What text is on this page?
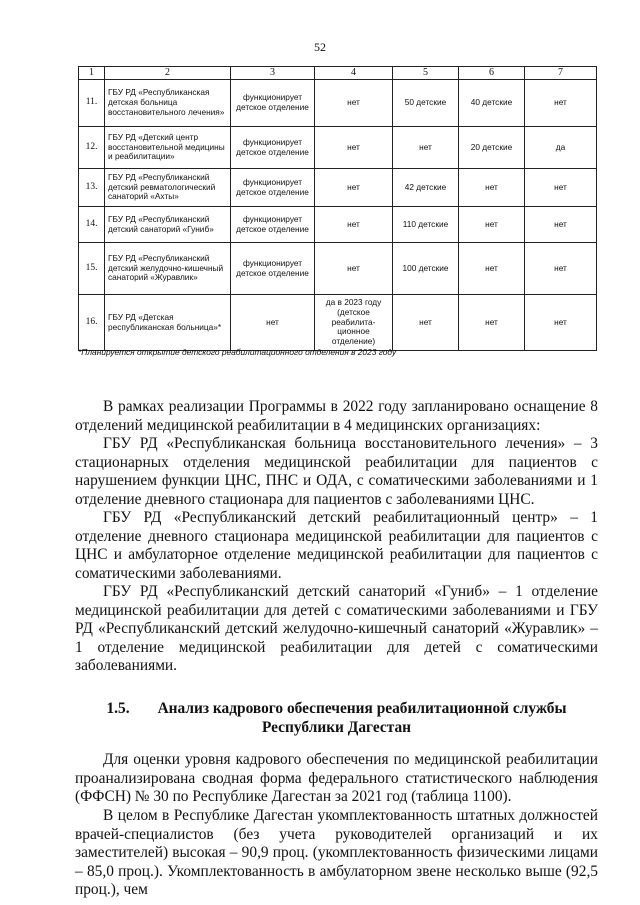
52
1	2	3	4	5	6	7
11.	ГБУ РД «Республиканская детская больница восстановительного лечения»	функционирует детское отделение	нет	50 детские	40 детские	нет
12.	ГБУ РД «Детский центр восстановительной медицины и реабилитации»	функционирует детское отделение	нет	нет	20 детские	да
13.	ГБУ РД «Республиканский детский ревматологический санаторий «Ахты»	функционирует детское отделение	нет	42 детские	нет	нет
14.	ГБУ РД «Республиканский детский санаторий «Гуниб»	функционирует детское отделение	нет	110 детские	нет	нет
15.	ГБУ РД «Республиканский детский желудочно-кишечный санаторий «Журавлик»	функционирует детское отделение	нет	100 детские	нет	нет
16.	ГБУ РД «Детская республиканская больница»*	нет	да в 2023 году (детское реабилита-ционное отделение)	нет	нет	нет
*Планируется открытие детского реабилитационного отделения в 2023 году

В рамках реализации Программы в 2022 году запланировано оснащение 8 отделений медицинской реабилитации в 4 медицинских организациях:

ГБУ РД «Республиканская больница восстановительного лечения» – 3 стационарных отделения медицинской реабилитации для пациентов с нарушением функции ЦНС, ПНС и ОДА, с соматическими заболеваниями и 1 отделение дневного стационара для пациентов с заболеваниями ЦНС.

ГБУ РД «Республиканский детский реабилитационный центр» – 1 отделение дневного стационара медицинской реабилитации для пациентов с ЦНС и амбулаторное отделение медицинской реабилитации для пациентов с соматическими заболеваниями.

ГБУ РД «Республиканский детский санаторий «Гуниб» – 1 отделение медицинской реабилитации для детей с соматическими заболеваниями и ГБУ РД «Республиканский детский желудочно-кишечный санаторий «Журавлик» – 1 отделение медицинской реабилитации для детей с соматическими заболеваниями.

1.5. Анализ кадрового обеспечения реабилитационной службы Республики Дагестан

Для оценки уровня кадрового обеспечения по медицинской реабилитации проанализирована сводная форма федерального статистического наблюдения (ФФСН) № 30 по Республике Дагестан за 2021 год (таблица 1100).

В целом в Республике Дагестан укомплектованность штатных должностей врачей-специалистов (без учета руководителей организаций и их заместителей) высокая – 90,9 проц. (укомплектованность физическими лицами – 85,0 проц.). Укомплектованность в амбулаторном звене несколько выше (92,5 проц.), чем
